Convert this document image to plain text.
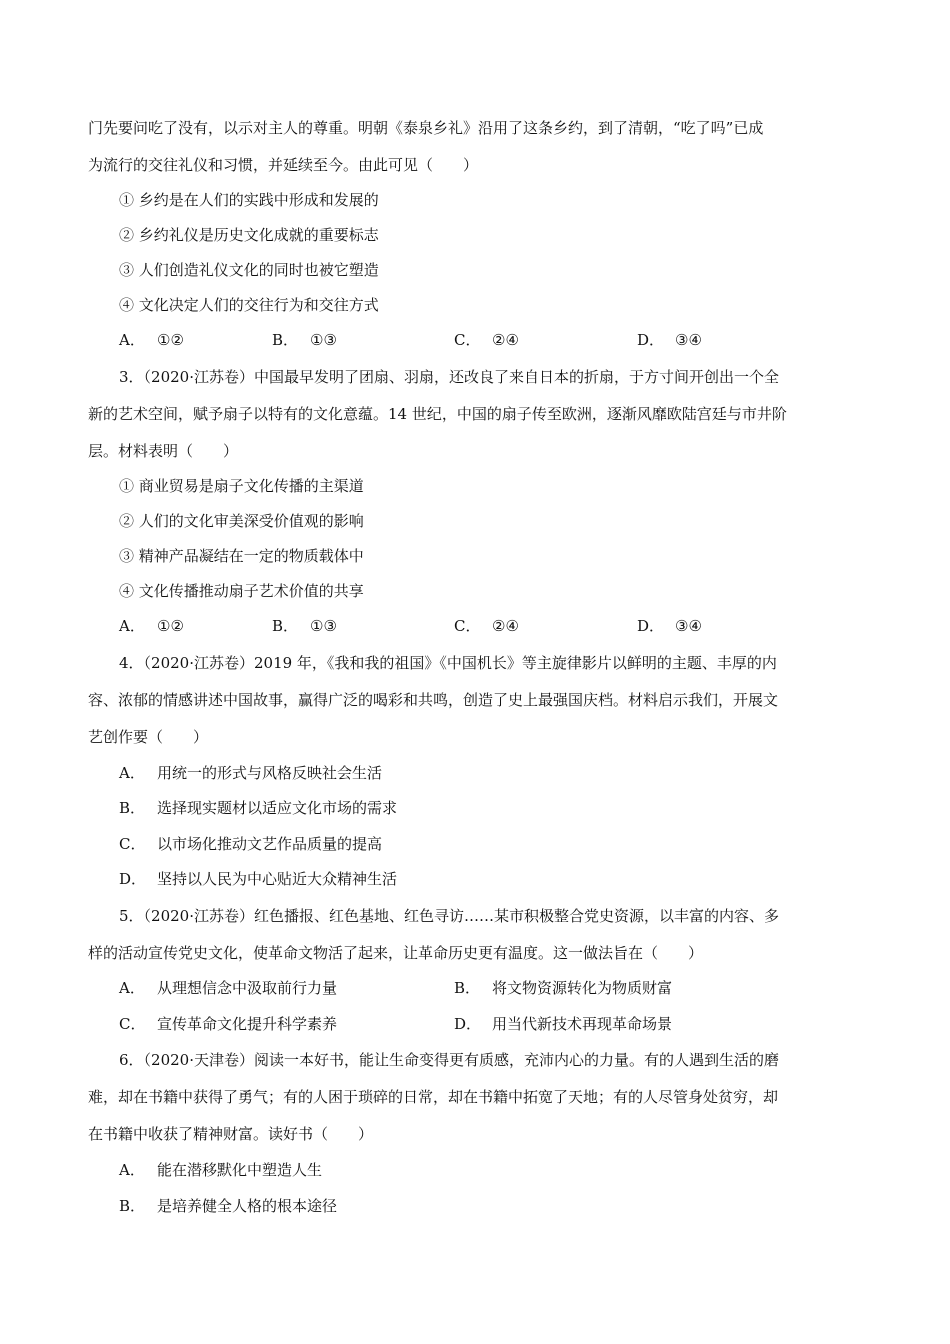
门先要问吃了没有，以示对主人的尊重。明朝《泰泉乡礼》沿用了这条乡约，到了清朝，“吃了吗”已成
为流行的交往礼仪和习惯，并延续至今。由此可见（　　）
① 乡约是在人们的实践中形成和发展的
② 乡约礼仪是历史文化成就的重要标志
③ 人们创造礼仪文化的同时也被它塑造
④ 文化决定人们的交往行为和交往方式
A． ①②	B． ①③	C． ②④	D． ③④
3．（2020·江苏卷）中国最早发明了团扇、羽扇，还改良了来自日本的折扇，于方寸间开创出一个全
新的艺术空间，赋予扇子以特有的文化意蕴。14 世纪，中国的扇子传至欧洲，逐渐风靡欧陆宫廷与市井阶
层。材料表明（　　）
① 商业贸易是扇子文化传播的主渠道
② 人们的文化审美深受价值观的影响
③ 精神产品凝结在一定的物质载体中
④ 文化传播推动扇子艺术价值的共享
A． ①②	B． ①③	C． ②④	D． ③④
4．（2020·江苏卷）2019 年，《我和我的祖国》《中国机长》等主旋律影片以鲜明的主题、丰厚的内
容、浓郁的情感讲述中国故事，赢得广泛的喝彩和共鸣，创造了史上最强国庆档。材料启示我们，开展文
艺创作要（　　）
A． 用统一的形式与风格反映社会生活
B． 选择现实题材以适应文化市场的需求
C． 以市场化推动文艺作品质量的提高
D． 坚持以人民为中心贴近大众精神生活
5．（2020·江苏卷）红色播报、红色基地、红色寻访……某市积极整合党史资源，以丰富的内容、多
样的活动宣传党史文化，使革命文物活了起来，让革命历史更有温度。这一做法旨在（　　）
A． 从理想信念中汲取前行力量	B． 将文物资源转化为物质财富
C． 宣传革命文化提升科学素养	D． 用当代新技术再现革命场景
6．（2020·天津卷）阅读一本好书，能让生命变得更有质感，充沛内心的力量。有的人遇到生活的磨
难，却在书籍中获得了勇气；有的人困于琐碎的日常，却在书籍中拓宽了天地；有的人尽管身处贫穷，却
在书籍中收获了精神财富。读好书（　　）
A． 能在潜移默化中塑造人生
B． 是培养健全人格的根本途径
